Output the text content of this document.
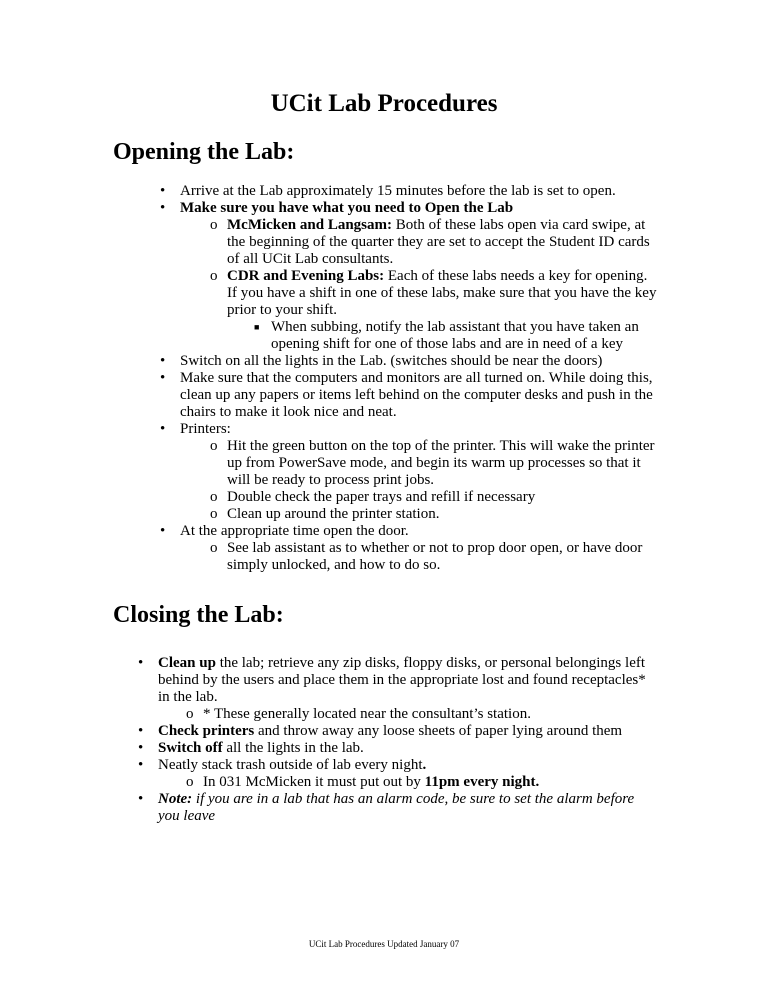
UCit Lab Procedures
Opening the Lab:
• Arrive at the Lab approximately 15 minutes before the lab is set to open.
• Make sure you have what you need to Open the Lab
o McMicken and Langsam: Both of these labs open via card swipe, at the beginning of the quarter they are set to accept the Student ID cards of all UCit Lab consultants.
o CDR and Evening Labs: Each of these labs needs a key for opening. If you have a shift in one of these labs, make sure that you have the key prior to your shift.
■ When subbing, notify the lab assistant that you have taken an opening shift for one of those labs and are in need of a key
• Switch on all the lights in the Lab. (switches should be near the doors)
• Make sure that the computers and monitors are all turned on. While doing this, clean up any papers or items left behind on the computer desks and push in the chairs to make it look nice and neat.
• Printers:
o Hit the green button on the top of the printer. This will wake the printer up from PowerSave mode, and begin its warm up processes so that it will be ready to process print jobs.
o Double check the paper trays and refill if necessary
o Clean up around the printer station.
• At the appropriate time open the door.
o See lab assistant as to whether or not to prop door open, or have door simply unlocked, and how to do so.
Closing the Lab:
• Clean up the lab; retrieve any zip disks, floppy disks, or personal belongings left behind by the users and place them in the appropriate lost and found receptacles* in the lab.
o * These generally located near the consultant’s station.
• Check printers and throw away any loose sheets of paper lying around them
• Switch off all the lights in the lab.
• Neatly stack trash outside of lab every night.
o In 031 McMicken it must put out by 11pm every night.
• Note: if you are in a lab that has an alarm code, be sure to set the alarm before you leave
UCit Lab Procedures Updated January 07
